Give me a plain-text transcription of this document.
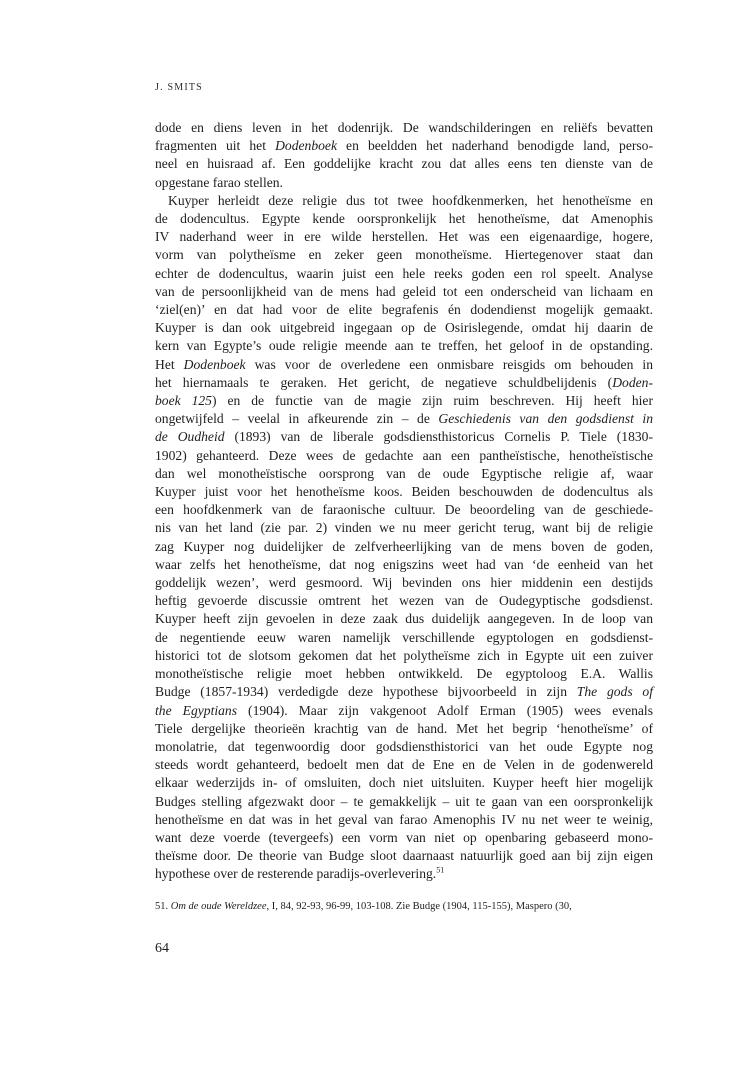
J. SMITS
dode en diens leven in het dodenrijk. De wandschilderingen en reliëfs bevatten
fragmenten uit het Dodenboek en beeldden het naderhand benodigde land, perso-
neel en huisraad af. Een goddelijke kracht zou dat alles eens ten dienste van de
opgestane farao stellen.
Kuyper herleidt deze religie dus tot twee hoofdkenmerken, het henotheïsme en
de dodencultus. Egypte kende oorspronkelijk het henotheïsme, dat Amenophis
IV naderhand weer in ere wilde herstellen. Het was een eigenaardige, hogere,
vorm van polytheïsme en zeker geen monotheïsme. Hiertegenover staat dan
echter de dodencultus, waarin juist een hele reeks goden een rol speelt. Analyse
van de persoonlijkheid van de mens had geleid tot een onderscheid van lichaam en
‘ziel(en)’ en dat had voor de elite begrafenis én dodendienst mogelijk gemaakt.
Kuyper is dan ook uitgebreid ingegaan op de Osirislegende, omdat hij daarin de
kern van Egypte’s oude religie meende aan te treffen, het geloof in de opstanding.
Het Dodenboek was voor de overledene een onmisbare reisgids om behouden in
het hiernamaals te geraken. Het gericht, de negatieve schuldbelijdenis (Doden-
boek 125) en de functie van de magie zijn ruim beschreven. Hij heeft hier
ongetwijfeld – veelal in afkeurende zin – de Geschiedenis van den godsdienst in
de Oudheid (1893) van de liberale godsdiensthistoricus Cornelis P. Tiele (1830-
1902) gehanteerd. Deze wees de gedachte aan een pantheïstische, henotheïstische
dan wel monotheïstische oorsprong van de oude Egyptische religie af, waar
Kuyper juist voor het henotheïsme koos. Beiden beschouwden de dodencultus als
een hoofdkenmerk van de faraonische cultuur. De beoordeling van de geschiede-
nis van het land (zie par. 2) vinden we nu meer gericht terug, want bij de religie
zag Kuyper nog duidelijker de zelfverheerlijking van de mens boven de goden,
waar zelfs het henotheïsme, dat nog enigszins weet had van ‘de eenheid van het
goddelijk wezen’, werd gesmoord. Wij bevinden ons hier middenin een destijds
heftig gevoerde discussie omtrent het wezen van de Oudegyptische godsdienst.
Kuyper heeft zijn gevoelen in deze zaak dus duidelijk aangegeven. In de loop van
de negentiende eeuw waren namelijk verschillende egyptologen en godsdienst-
historici tot de slotsom gekomen dat het polytheïsme zich in Egypte uit een zuiver
monotheïstische religie moet hebben ontwikkeld. De egyptoloog E.A. Wallis
Budge (1857-1934) verdedigde deze hypothese bijvoorbeeld in zijn The gods of
the Egyptians (1904). Maar zijn vakgenoot Adolf Erman (1905) wees evenals
Tiele dergelijke theorieën krachtig van de hand. Met het begrip ‘henotheïsme’ of
monolatrie, dat tegenwoordig door godsdiensthistorici van het oude Egypte nog
steeds wordt gehanteerd, bedoelt men dat de Ene en de Velen in de godenwereld
elkaar wederzijds in- of omsluiten, doch niet uitsluiten. Kuyper heeft hier mogelijk
Budges stelling afgezwakt door – te gemakkelijk – uit te gaan van een oorspronkelijk
henotheïsme en dat was in het geval van farao Amenophis IV nu net weer te weinig,
want deze voerde (tevergeefs) een vorm van niet op openbaring gebaseerd mono-
theïsme door. De theorie van Budge sloot daarnaast natuurlijk goed aan bij zijn eigen
hypothese over de resterende paradijs-overlevering.$^{51}$
51. Om de oude Wereldzee, I, 84, 92-93, 96-99, 103-108. Zie Budge (1904, 115-155), Maspero (30,
64
